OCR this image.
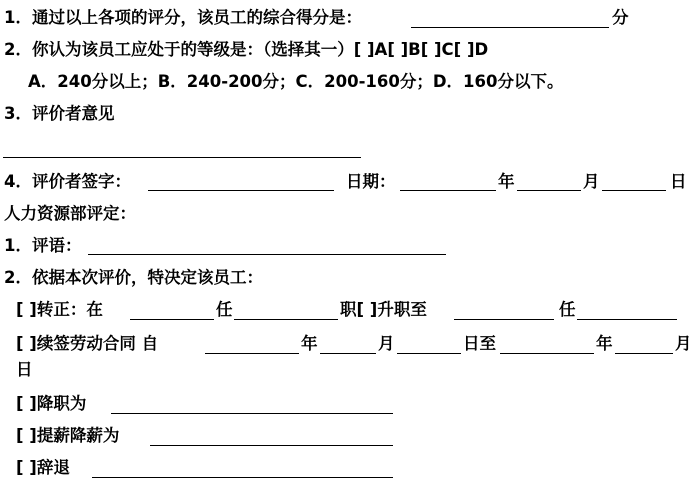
1．通过以上各项的评分，该员工的综合得分是：	分
2．你认为该员工应处于的等级是：（选择其一）[ ]A[ ]B[ ]C[ ]D
A．240分以上；B．240-200分；C．200-160分；D．160分以下。
3．评价者意见
4．评价者签字：	日期：	年	月	日
人力资源部评定：
1．评语：
2．依据本次评价，特决定该员工：
[ ]转正：在	任	职[ ]升职至	任
[ ]续签劳动合同 自	年	月	日至	年	月
日
[ ]降职为
[ ]提薪降薪为
[ ]辞退
